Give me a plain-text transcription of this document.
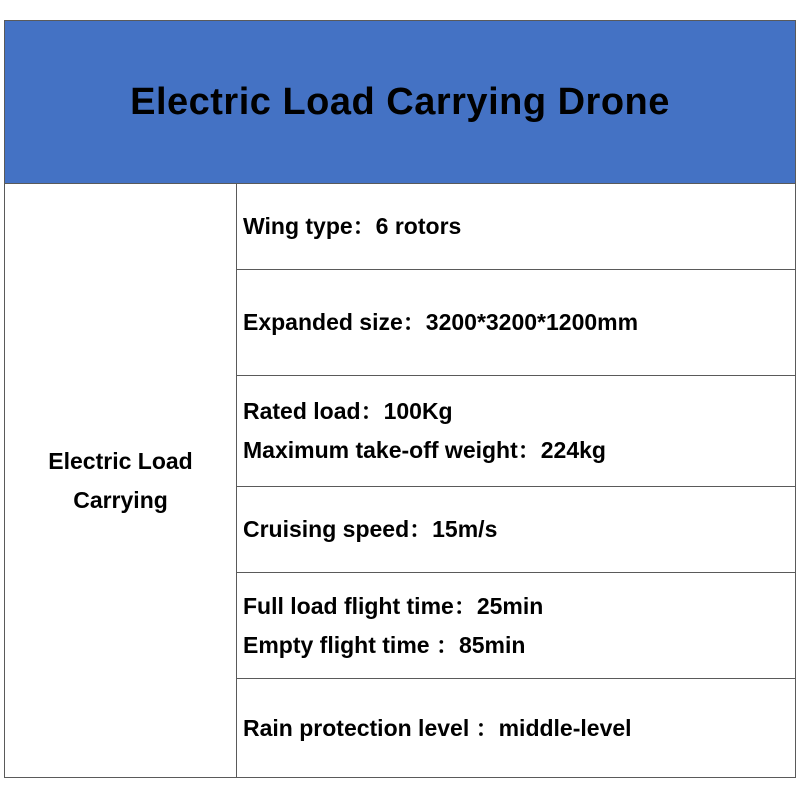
Electric Load Carrying Drone
Electric Load Carrying
Wing type：6 rotors
Expanded size：3200*3200*1200mm
Rated load：100Kg
Maximum take-off weight：224kg
Cruising speed：15m/s
Full load flight time：25min
Empty flight time ：85min
Rain protection level ：middle-level
